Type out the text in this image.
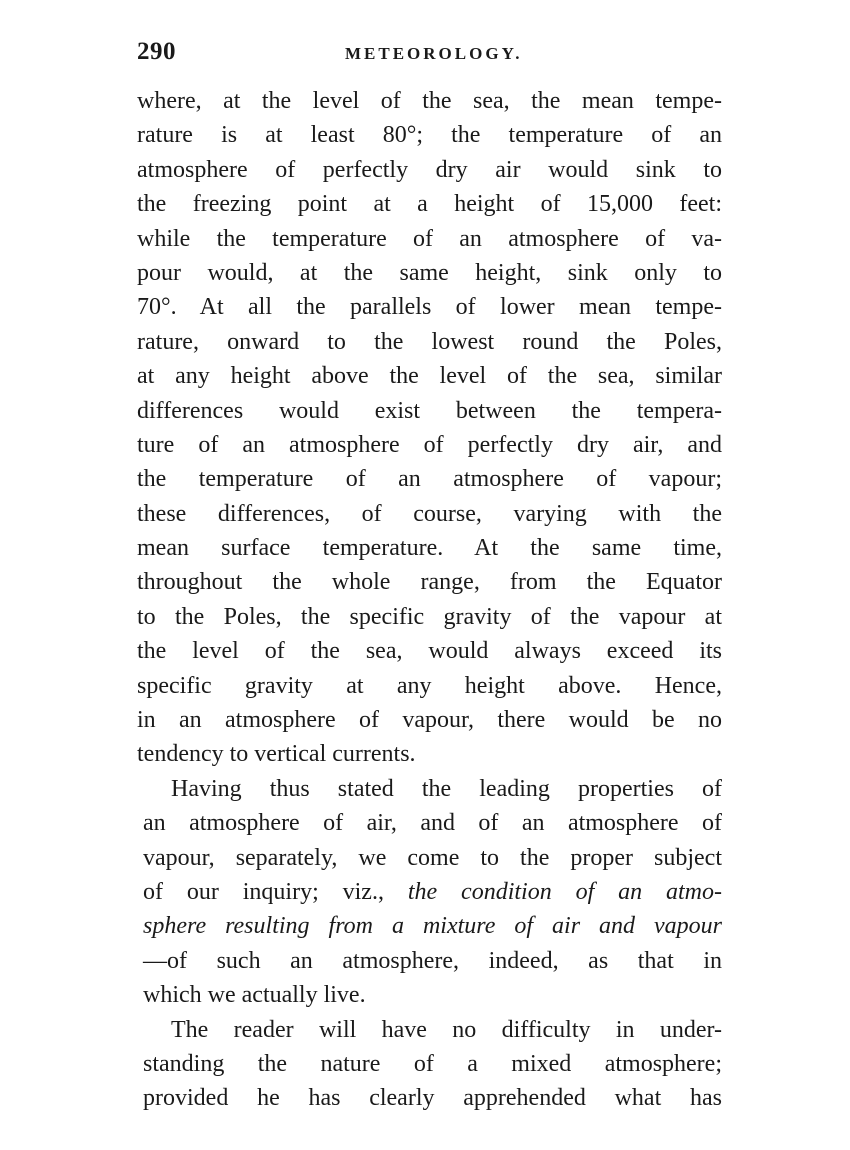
290	METEOROLOGY.
where, at the level of the sea, the mean tempe-
rature is at least 80°; the temperature of an
atmosphere of perfectly dry air would sink to
the freezing point at a height of 15,000 feet:
while the temperature of an atmosphere of va-
pour would, at the same height, sink only to
70°. At all the parallels of lower mean tempe-
rature, onward to the lowest round the Poles,
at any height above the level of the sea, similar
differences would exist between the tempera-
ture of an atmosphere of perfectly dry air, and
the temperature of an atmosphere of vapour;
these differences, of course, varying with the
mean surface temperature. At the same time,
throughout the whole range, from the Equator
to the Poles, the specific gravity of the vapour at
the level of the sea, would always exceed its
specific gravity at any height above. Hence,
in an atmosphere of vapour, there would be no
tendency to vertical currents.
Having thus stated the leading properties of
an atmosphere of air, and of an atmosphere of
vapour, separately, we come to the proper subject
of our inquiry; viz., the condition of an atmo-
sphere resulting from a mixture of air and vapour
—of such an atmosphere, indeed, as that in
which we actually live.
The reader will have no difficulty in under-
standing the nature of a mixed atmosphere;
provided he has clearly apprehended what has
